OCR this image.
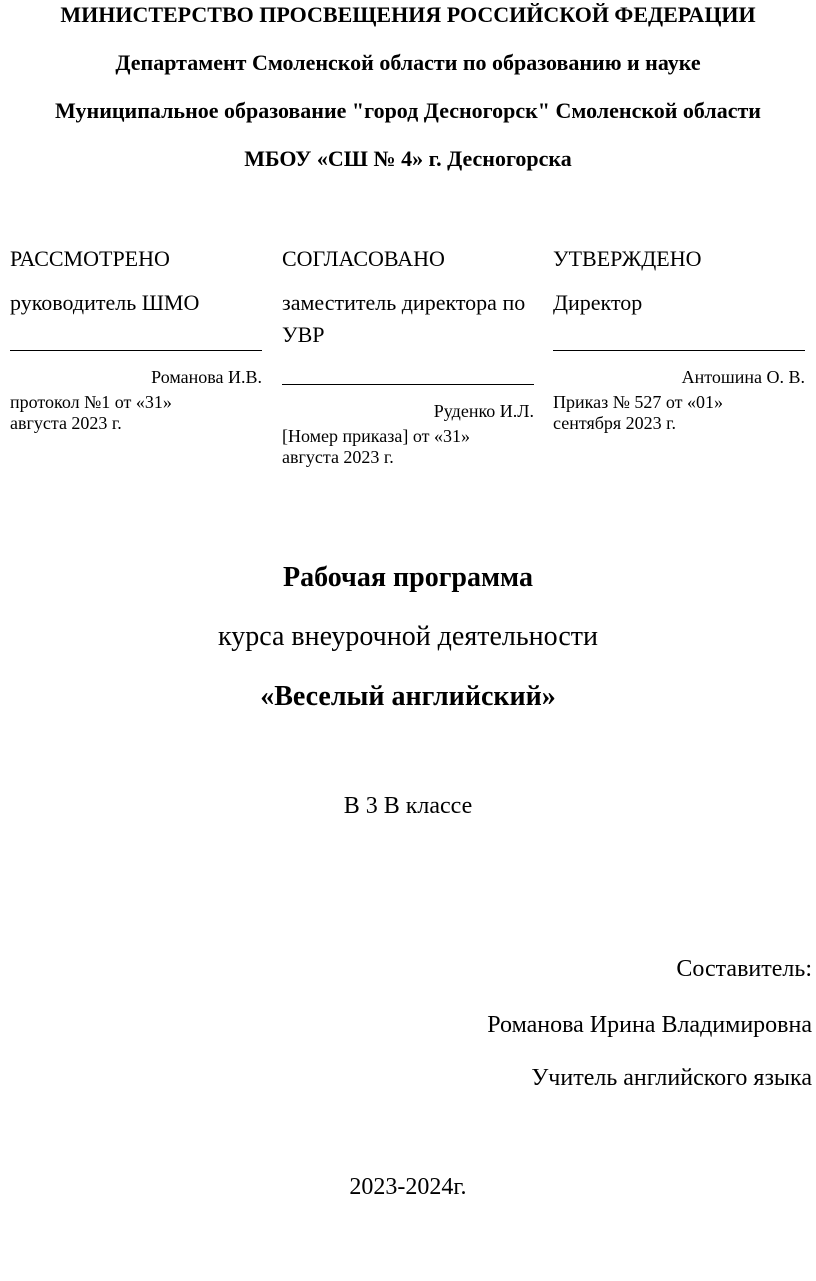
МИНИСТЕРСТВО ПРОСВЕЩЕНИЯ РОССИЙСКОЙ ФЕДЕРАЦИИ
Департамент Смоленской области по образованию и науке
Муниципальное образование "город Десногорск" Смоленской области
МБОУ «СШ № 4» г. Десногорска
РАССМОТРЕНО
руководитель ШМО
Романова И.В.
протокол №1 от «31»
августа 2023 г.
СОГЛАСОВАНО
заместитель директора по УВР
Руденко И.Л.
[Номер приказа] от «31»
августа 2023 г.
УТВЕРЖДЕНО
Директор
Антошина О. В.
Приказ № 527 от «01»
сентября 2023 г.
Рабочая программа
курса внеурочной деятельности
«Веселый английский»
В 3 В классе
Составитель:
Романова Ирина Владимировна
Учитель английского языка
2023-2024г.
